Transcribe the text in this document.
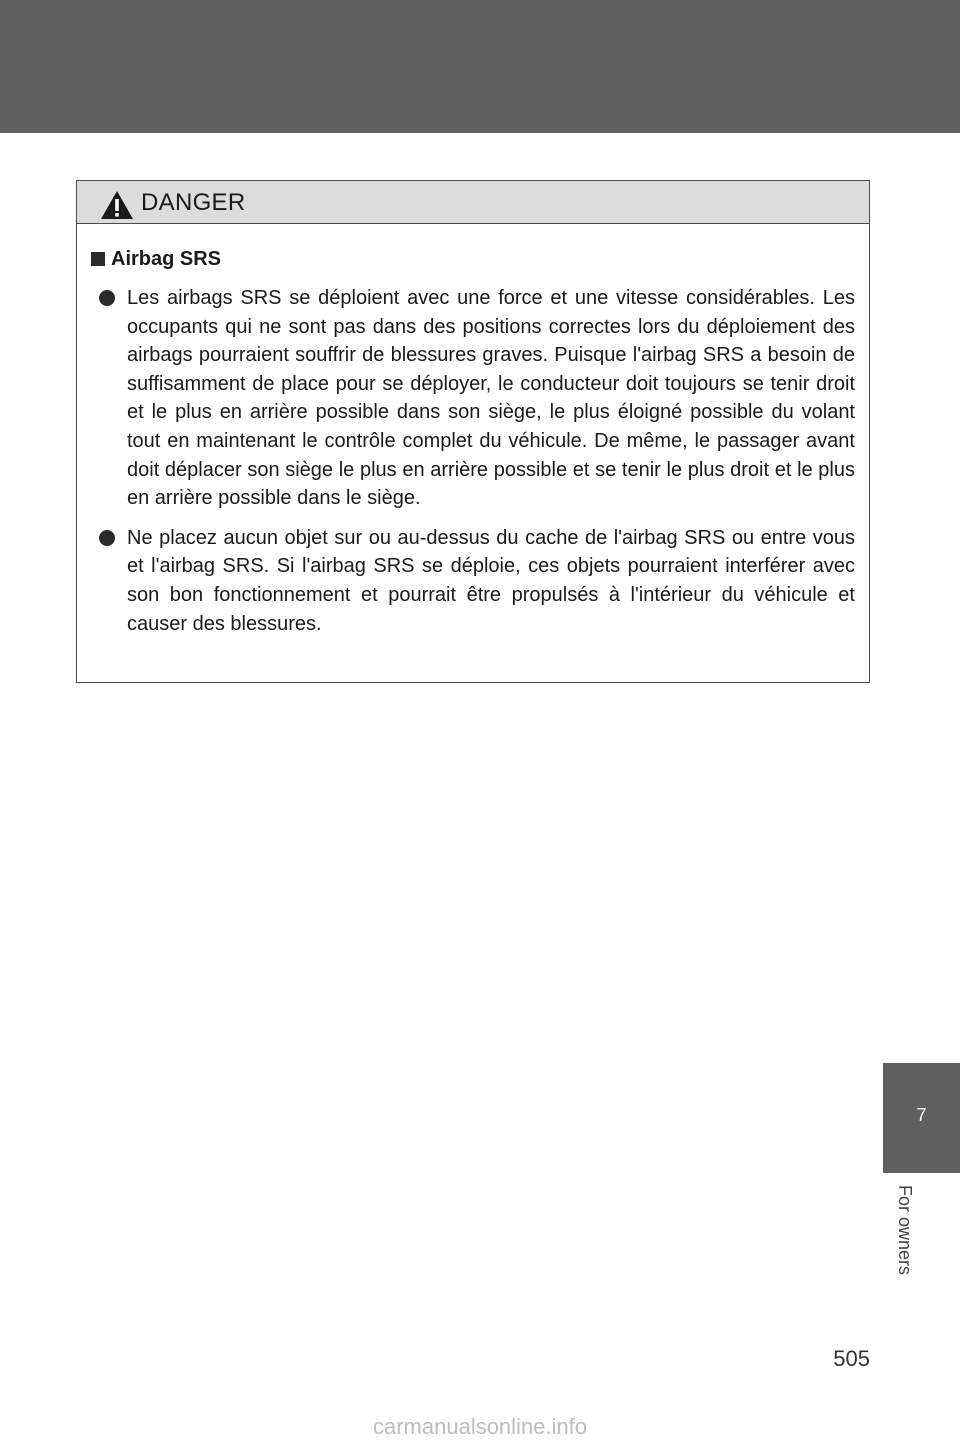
DANGER
Airbag SRS
Les airbags SRS se déploient avec une force et une vitesse considérables. Les occupants qui ne sont pas dans des positions correctes lors du déploiement des airbags pourraient souffrir de blessures graves. Puisque l'airbag SRS a besoin de suffisamment de place pour se déployer, le conducteur doit toujours se tenir droit et le plus en arrière possible dans son siège, le plus éloigné possible du volant tout en maintenant le contrôle complet du véhicule. De même, le passager avant doit déplacer son siège le plus en arrière possible et se tenir le plus droit et le plus en arrière possible dans le siège.
Ne placez aucun objet sur ou au-dessus du cache de l'airbag SRS ou entre vous et l'airbag SRS. Si l'airbag SRS se déploie, ces objets pourraient interférer avec son bon fonctionnement et pourrait être propulsés à l'intérieur du véhicule et causer des blessures.
7
For owners
505
carmanualsonline.info
